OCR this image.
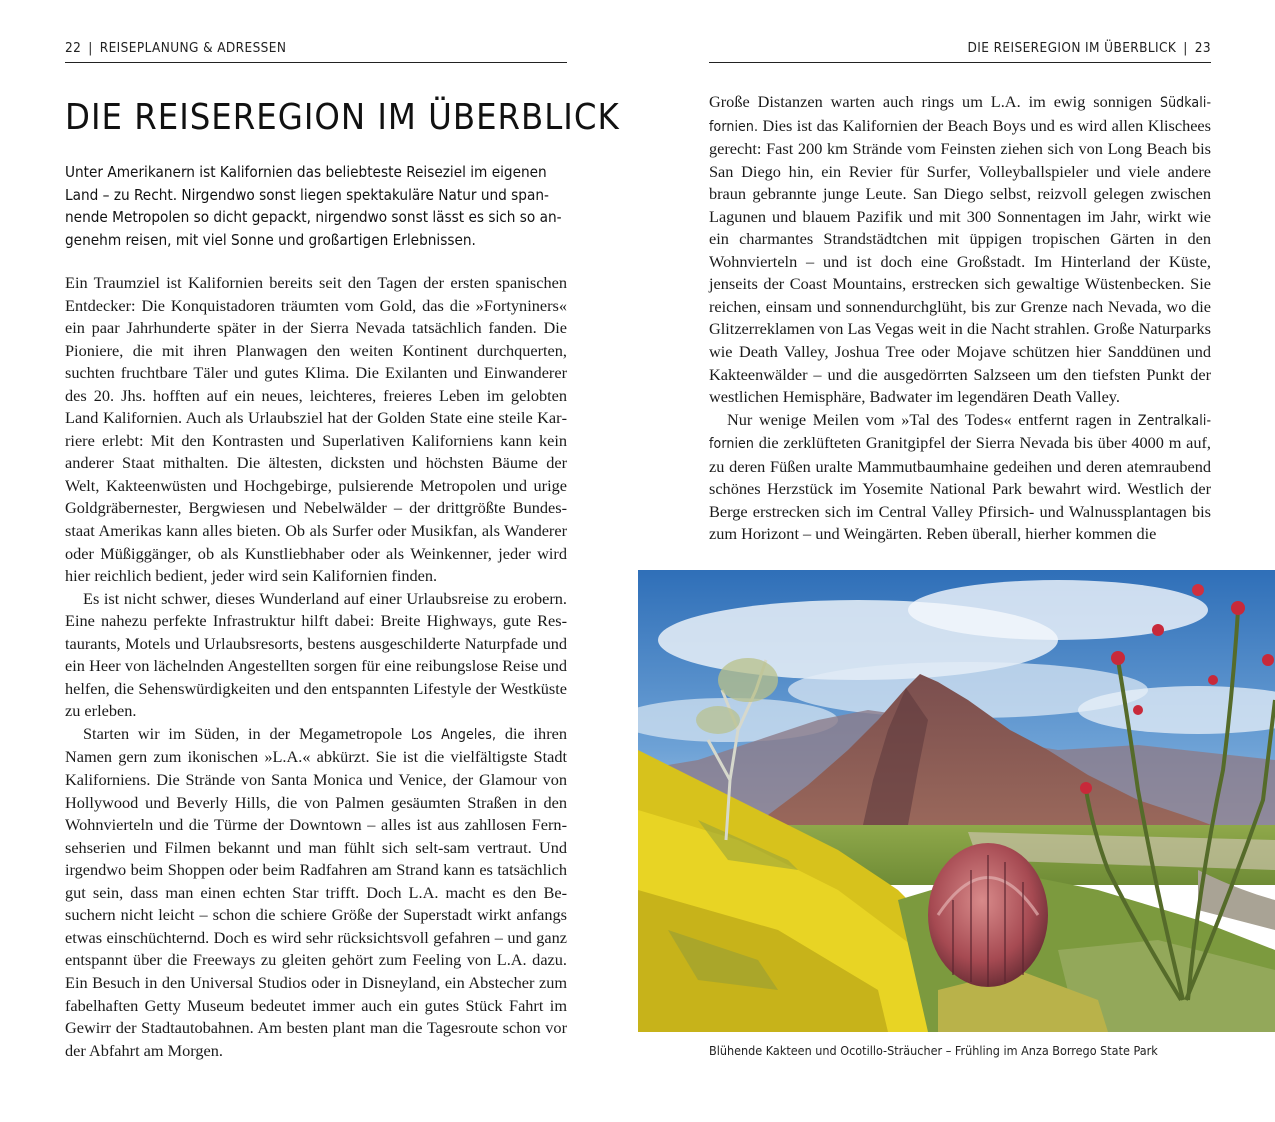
22 | REISEPLANUNG & ADRESSEN
DIE REISEREGION IM ÜBERBLICK

Unter Amerikanern ist Kalifornien das beliebteste Reiseziel im eigenen Land – zu Recht. Nirgendwo sonst liegen spektakuläre Natur und spannende Metropolen so dicht gepackt, nirgendwo sonst lässt es sich so angenehm reisen, mit viel Sonne und großartigen Erlebnissen.

Ein Traumziel ist Kalifornien bereits seit den Tagen der ersten spanischen Entdecker: Die Konquistadoren träumten vom Gold, das die »Fortyniners« ein paar Jahrhunderte später in der Sierra Nevada tatsächlich fanden. Die Pioniere, die mit ihren Planwagen den weiten Kontinent durchquerten, suchten fruchtbare Täler und gutes Klima. Die Exilanten und Einwanderer des 20. Jhs. hofften auf ein neues, leichteres, freieres Leben im gelobten Land Kalifornien. Auch als Urlaubsziel hat der Golden State eine steile Karriere erlebt: Mit den Kontrasten und Superlativen Kaliforniens kann kein anderer Staat mithalten. Die ältesten, dicksten und höchsten Bäume der Welt, Kakteenwüsten und Hochgebirge, pulsierende Metropolen und urige Goldgräbernester, Bergwiesen und Nebelwälder – der drittgrößte Bundesstaat Amerikas kann alles bieten. Ob als Surfer oder Musikfan, als Wanderer oder Müßiggänger, ob als Kunstliebhaber oder als Weinkenner, jeder wird hier reichlich bedient, jeder wird sein Kalifornien finden.

Es ist nicht schwer, dieses Wunderland auf einer Urlaubsreise zu erobern. Eine nahezu perfekte Infrastruktur hilft dabei: Breite Highways, gute Restaurants, Motels und Urlaubsresorts, bestens ausgeschilderte Naturpfade und ein Heer von lächelnden Angestellten sorgen für eine reibungslose Reise und helfen, die Sehenswürdigkeiten und den entspannten Lifestyle der Westküste zu erleben.

Starten wir im Süden, in der Megametropole Los Angeles, die ihren Namen gern zum ikonischen »L.A.« abkürzt. Sie ist die vielfältigste Stadt Kaliforniens. Die Strände von Santa Monica und Venice, der Glamour von Hollywood und Beverly Hills, die von Palmen gesäumten Straßen in den Wohnvierteln und die Türme der Downtown – alles ist aus zahllosen Fernsehserien und Filmen bekannt und man fühlt sich selt-sam vertraut. Und irgendwo beim Shoppen oder beim Radfahren am Strand kann es tatsächlich gut sein, dass man einen echten Star trifft. Doch L.A. macht es den Besuchern nicht leicht – schon die schiere Größe der Superstadt wirkt anfangs etwas einschüchternd. Doch es wird sehr rücksichtsvoll gefahren – und ganz entspannt über die Freeways zu gleiten gehört zum Feeling von L.A. dazu. Ein Besuch in den Universal Studios oder in Disneyland, ein Abstecher zum fabelhaften Getty Museum bedeutet immer auch ein gutes Stück Fahrt im Gewirr der Stadtautobahnen. Am besten plant man die Tagesroute schon vor der Abfahrt am Morgen.

DIE REISEREGION IM ÜBERBLICK | 23

Große Distanzen warten auch rings um L.A. im ewig sonnigen Südkalifornien. Dies ist das Kalifornien der Beach Boys und es wird allen Klischees gerecht: Fast 200 km Strände vom Feinsten ziehen sich von Long Beach bis San Diego hin, ein Revier für Surfer, Volleyballspieler und viele andere braun gebrannte junge Leute. San Diego selbst, reizvoll gelegen zwischen Lagunen und blauem Pazifik und mit 300 Sonnentagen im Jahr, wirkt wie ein charmantes Strandstädtchen mit üppigen tropischen Gärten in den Wohnvierteln – und ist doch eine Großstadt. Im Hinterland der Küste, jenseits der Coast Mountains, erstrecken sich gewaltige Wüstenbecken. Sie reichen, einsam und sonnendurchglüht, bis zur Grenze nach Nevada, wo die Glitzerreklamen von Las Vegas weit in die Nacht strahlen. Große Naturparks wie Death Valley, Joshua Tree oder Mojave schützen hier Sanddünen und Kakteenwälder – und die ausgedörrten Salzseen um den tiefsten Punkt der westlichen Hemisphäre, Badwater im legendären Death Valley.

Nur wenige Meilen vom »Tal des Todes« entfernt ragen in Zentralkalifornien die zerklüfteten Granitgipfel der Sierra Nevada bis über 4000 m auf, zu deren Füßen uralte Mammutbaumhaine gedeihen und deren atemraubend schönes Herzstück im Yosemite National Park bewahrt wird. Westlich der Berge erstrecken sich im Central Valley Pfirsich- und Walnussplantagen bis zum Horizont – und Weingärten. Reben überall, hierher kommen die

Blühende Kakteen und Ocotillo-Sträucher – Frühling im Anza Borrego State Park
